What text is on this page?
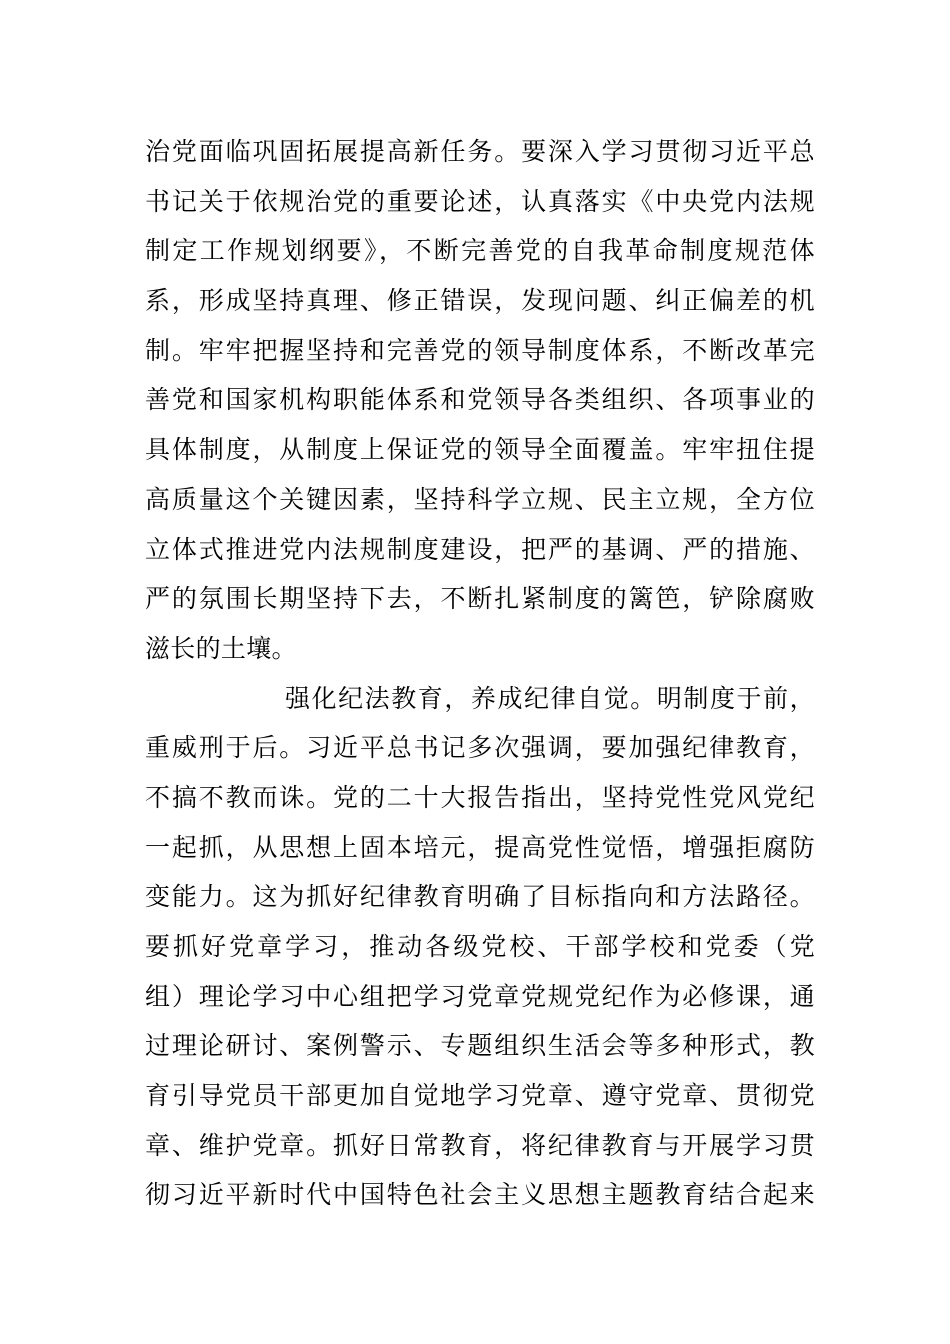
治党面临巩固拓展提高新任务。要深入学习贯彻习近平总
书记关于依规治党的重要论述，认真落实《中央党内法规
制定工作规划纲要》，不断完善党的自我革命制度规范体
系，形成坚持真理、修正错误，发现问题、纠正偏差的机
制。牢牢把握坚持和完善党的领导制度体系，不断改革完
善党和国家机构职能体系和党领导各类组织、各项事业的
具体制度，从制度上保证党的领导全面覆盖。牢牢扭住提
高质量这个关键因素，坚持科学立规、民主立规，全方位
立体式推进党内法规制度建设，把严的基调、严的措施、
严的氛围长期坚持下去，不断扎紧制度的篱笆，铲除腐败
滋长的土壤。
强化纪法教育，养成纪律自觉。明制度于前，
重威刑于后。习近平总书记多次强调，要加强纪律教育，
不搞不教而诛。党的二十大报告指出，坚持党性党风党纪
一起抓，从思想上固本培元，提高党性觉悟，增强拒腐防
变能力。这为抓好纪律教育明确了目标指向和方法路径。
要抓好党章学习，推动各级党校、干部学校和党委（党
组）理论学习中心组把学习党章党规党纪作为必修课，通
过理论研讨、案例警示、专题组织生活会等多种形式，教
育引导党员干部更加自觉地学习党章、遵守党章、贯彻党
章、维护党章。抓好日常教育，将纪律教育与开展学习贯
彻习近平新时代中国特色社会主义思想主题教育结合起来
